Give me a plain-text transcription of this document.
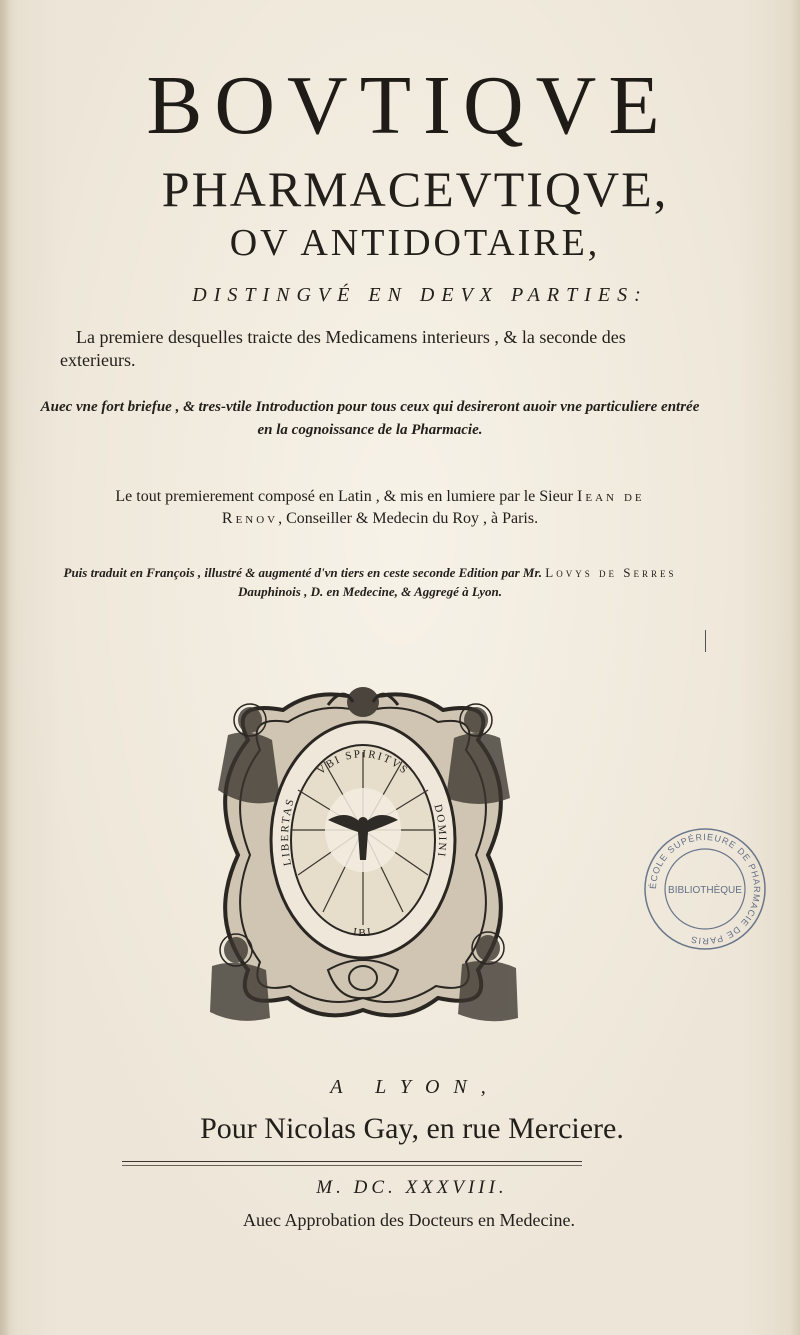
BOVTIQVE
PHARMACEVTIQVE,
OV ANTIDOTAIRE,
DISTINGVÉ EN DEVX PARTIES:
La premiere desquelles traicte des Medicamens interieurs , & la seconde des exterieurs.
Auec vne fort briefue , & tres-vtile Introduction pour tous ceux qui desireront auoir vne particuliere entrée en la cognoissance de la Pharmacie.
Le tout premierement composé en Latin , & mis en lumiere par le Sieur Iean de Renov, Conseiller & Medecin du Roy , à Paris.
Puis traduit en François , illustré & augmenté d'vn tiers en ceste seconde Edition par Mr. Lovys de Serres Dauphinois , D. en Medecine, & Aggregé à Lyon.
VBI SPIRITVS
LIBERTAS
DOMINI
IBI
ÉCOLE SUPÉRIEURE DE PHARMACIE DE PARIS
BIBLIOTHÈQUE
A LYON,
Pour Nicolas Gay, en rue Merciere.
M. DC. XXXVIII.
Auec Approbation des Docteurs en Medecine.
